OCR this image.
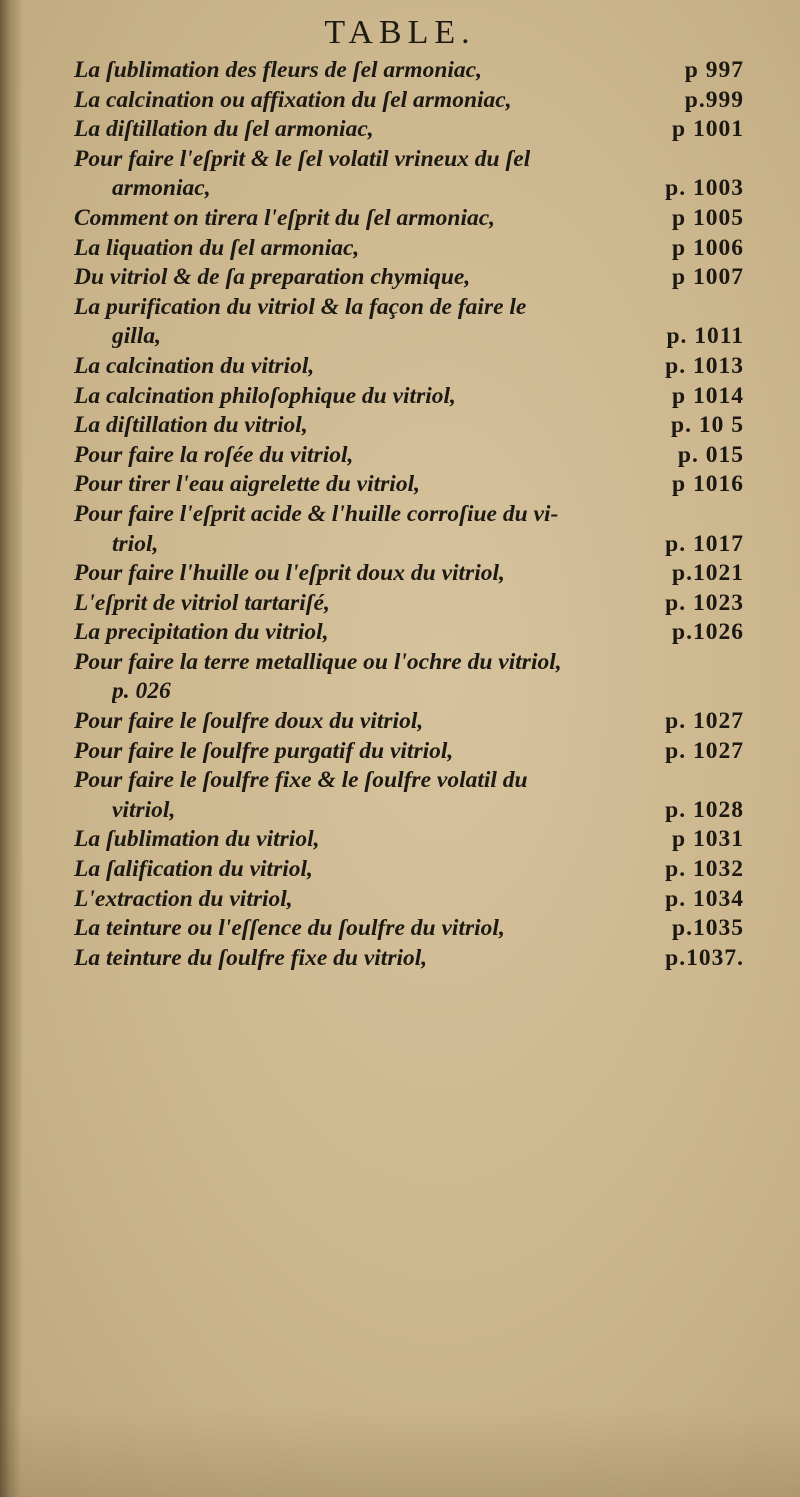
TABLE.
La ſublimation des fleurs de ſel armoniac,	p 997
La calcination ou affixation du ſel armoniac,	p.999
La diſtillation du ſel armoniac,	p 1001
Pour faire l'eſprit & le ſel volatil vrineux du ſel
armoniac,	p. 1003
Comment on tirera l'eſprit du ſel armoniac,	p 1005
La liquation du ſel armoniac,	p 1006
Du vitriol & de ſa preparation chymique,	p 1007
La purification du vitriol & la façon de faire le
gilla,	p. 1011
La calcination du vitriol,	p. 1013
La calcination philoſophique du vitriol,	p 1014
La diſtillation du vitriol,	p. 10 5
Pour faire la roſée du vitriol,	p. 015
Pour tirer l'eau aigrelette du vitriol,	p 1016
Pour faire l'eſprit acide & l'huille corroſiue du vi-
triol,	p. 1017
Pour faire l'huille ou l'eſprit doux du vitriol,	p.1021
L'eſprit de vitriol tartariſé,	p. 1023
La precipitation du vitriol,	p.1026
Pour faire la terre metallique ou l'ochre du vitriol,
p. 026
Pour faire le ſoulfre doux du vitriol,	p. 1027
Pour faire le ſoulfre purgatif du vitriol,	p. 1027
Pour faire le ſoulfre fixe & le ſoulfre volatil du
vitriol,	p. 1028
La ſublimation du vitriol,	p 1031
La ſalification du vitriol,	p. 1032
L'extraction du vitriol,	p. 1034
La teinture ou l'eſſence du ſoulfre du vitriol,	p.1035
La teinture du ſoulfre fixe du vitriol,	p.1037.
